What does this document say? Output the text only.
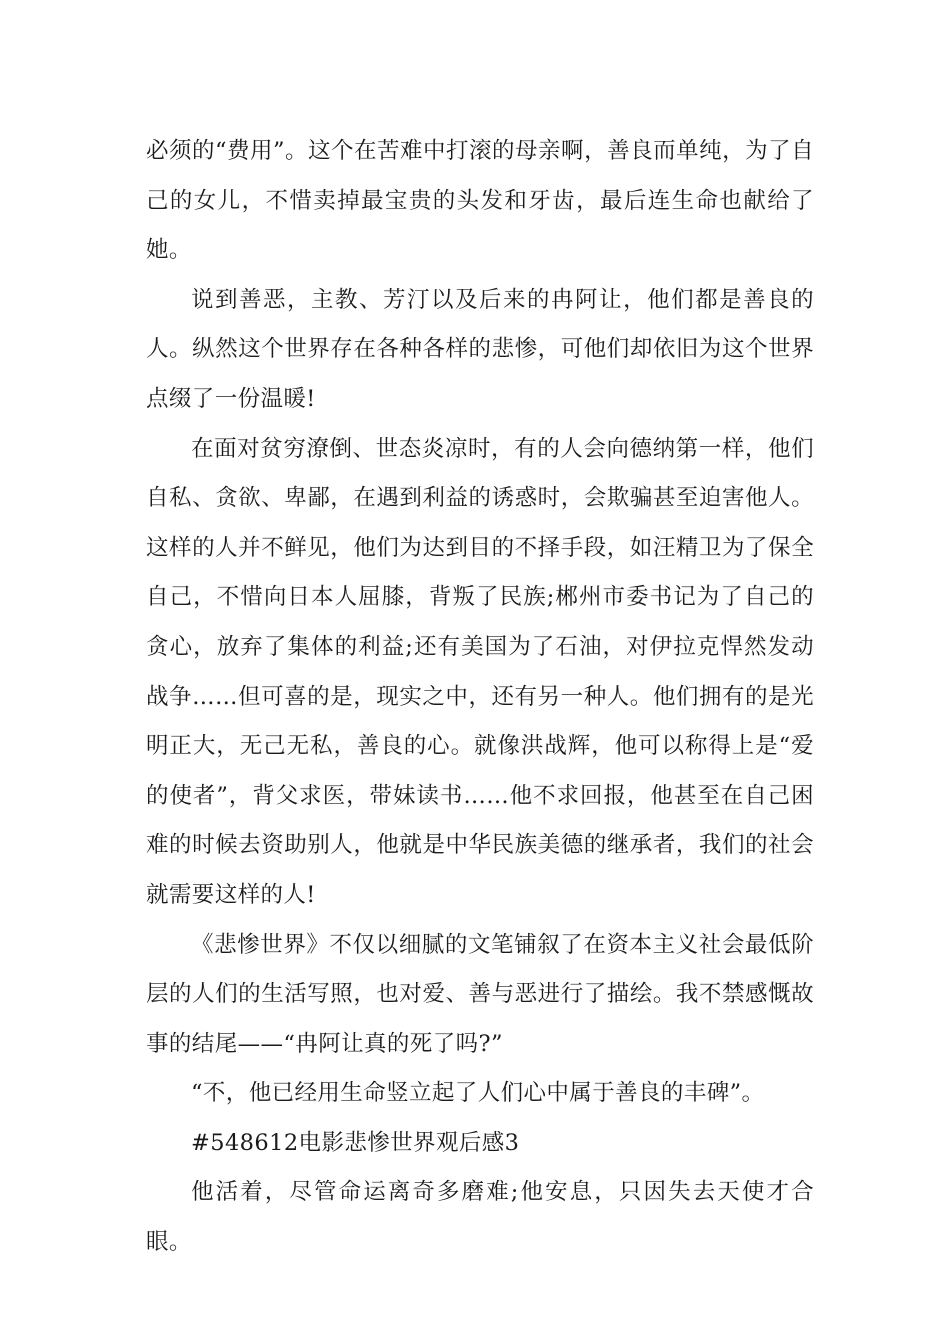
必须的“费用”。这个在苦难中打滚的母亲啊，善良而单纯，为了自己的女儿，不惜卖掉最宝贵的头发和牙齿，最后连生命也献给了她。

说到善恶，主教、芳汀以及后来的冉阿让，他们都是善良的人。纵然这个世界存在各种各样的悲惨，可他们却依旧为这个世界点缀了一份温暖!

在面对贫穷潦倒、世态炎凉时，有的人会向德纳第一样，他们自私、贪欲、卑鄙，在遇到利益的诱惑时，会欺骗甚至迫害他人。这样的人并不鲜见，他们为达到目的不择手段，如汪精卫为了保全自己，不惜向日本人屈膝，背叛了民族;郴州市委书记为了自己的贪心，放弃了集体的利益;还有美国为了石油，对伊拉克悍然发动战争……但可喜的是，现实之中，还有另一种人。他们拥有的是光明正大，无己无私，善良的心。就像洪战辉，他可以称得上是“爱的使者”，背父求医，带妹读书……他不求回报，他甚至在自己困难的时候去资助别人，他就是中华民族美德的继承者，我们的社会就需要这样的人!

《悲惨世界》不仅以细腻的文笔铺叙了在资本主义社会最低阶层的人们的生活写照，也对爱、善与恶进行了描绘。我不禁感慨故事的结尾——“冉阿让真的死了吗?”

“不，他已经用生命竖立起了人们心中属于善良的丰碑”。

#548612电影悲惨世界观后感3

他活着，尽管命运离奇多磨难;他安息，只因失去天使才合眼。
